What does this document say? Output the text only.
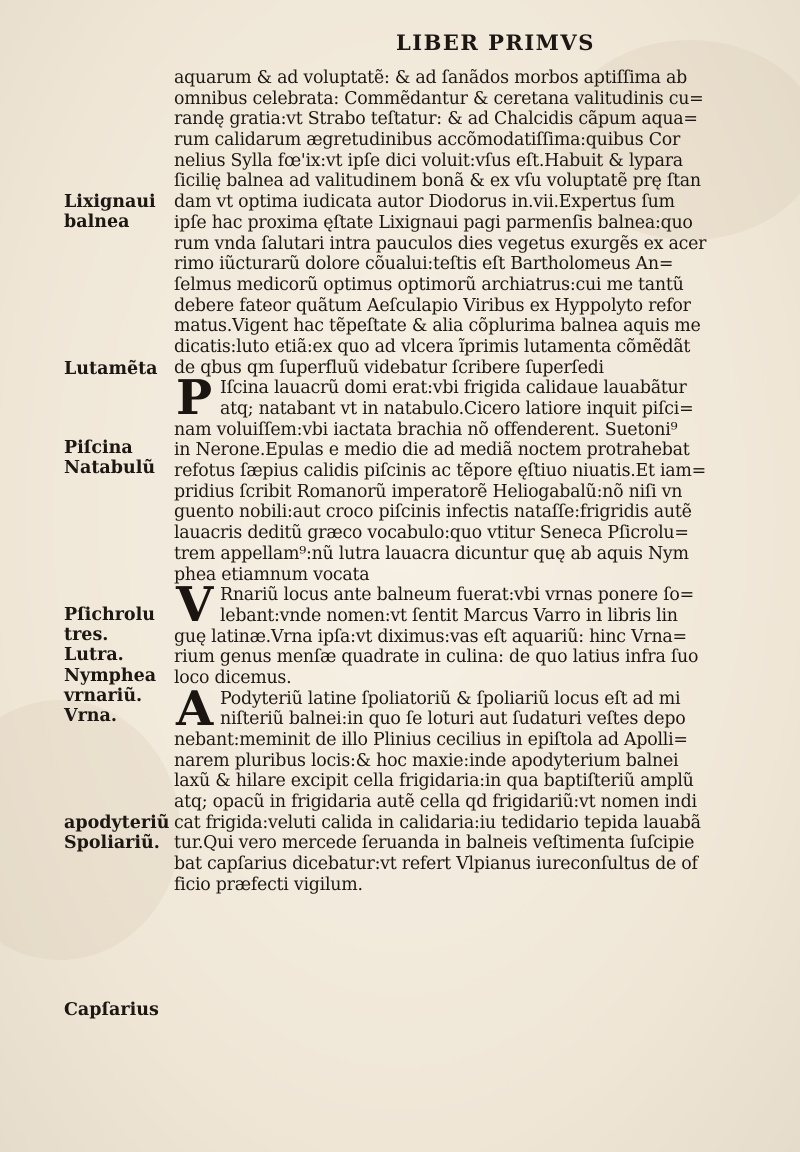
LIBER PRIMVS
aquarum & ad voluptatẽ: & ad ſanãdos morbos aptiſſima ab
omnibus celebrata: Commẽdantur & ceretana valitudinis cu=
randę gratia:vt Strabo teſtatur: & ad Chalcidis cãpum aqua=
rum calidarum ægretudinibus accõmodatiſſima:quibus Cor
nelius Sylla fœ'ix:vt ipſe dici voluit:vſus eſt.Habuit & lypara
ſicilię balnea ad valitudinem bonã & ex vſu voluptatẽ prę ſtan
dam vt optima iudicata autor Diodorus in.vii.Expertus ſum
ipſe hac proxima ęſtate Lixignaui pagi parmenſis balnea:quo
rum vnda ſalutari intra pauculos dies vegetus exurgẽs ex acer
rimo iũcturarũ dolore cõualui:teſtis eſt Bartholomeus An=
ſelmus medicorũ optimus optimorũ archiatrus:cui me tantũ
debere fateor quãtum Aeſculapio Viribus ex Hyppolyto refor
matus.Vigent hac tẽpeſtate & alia cõplurima balnea aquis me
dicatis:luto etiã:ex quo ad vlcera ĩprimis lutamenta cõmẽdãt
de qbus qm ſuperfluũ videbatur ſcribere ſuperſedi
P Iſcina lauacrũ domi erat:vbi frigida calidaue lauabãtur
atq; natabant vt in natabulo.Cicero latiore inquit piſci=
nam voluiſſem:vbi iactata brachia nõ offenderent. Suetoni⁹
in Nerone.Epulas e medio die ad mediã noctem protrahebat
refotus ſæpius calidis piſcinis ac tẽpore ęſtiuo niuatis.Et iam=
pridius ſcribit Romanorũ imperatorẽ Heliogabalũ:nõ niſi vn
guento nobili:aut croco piſcinis infectis nataſſe:frigridis autẽ
lauacris deditũ græco vocabulo:quo vtitur Seneca Pſicrolu=
trem appellam⁹:nũ lutra lauacra dicuntur quę ab aquis Nym
phea etiamnum vocata
V Rnariũ locus ante balneum fuerat:vbi vrnas ponere ſo=
lebant:vnde nomen:vt ſentit Marcus Varro in libris lin
guę latinæ.Vrna ipſa:vt diximus:vas eſt aquariũ: hinc Vrna=
rium genus menſæ quadrate in culina: de quo latius infra ſuo
loco dicemus.
A Podyteriũ latine ſpoliatoriũ & ſpoliariũ locus eſt ad mi
niſteriũ balnei:in quo ſe loturi aut ſudaturi veſtes depo
nebant:meminit de illo Plinius cecilius in epiſtola ad Apolli=
narem pluribus locis:& hoc maxie:inde apodyterium balnei
laxũ & hilare excipit cella frigidaria:in qua baptiſteriũ amplũ
atq; opacũ in frigidaria autẽ cella qd frigidariũ:vt nomen indi
cat frigida:veluti calida in calidaria:iu tedidario tepida lauabã
tur.Qui vero mercede ſeruanda in balneis veſtimenta ſuſcipie
bat capſarius dicebatur:vt refert Vlpianus iureconſultus de of
ficio præfecti vigilum.
Lixignaui
balnea
Lutamẽta
Piſcina
Natabulũ
Pſichrolu
tres.
Lutra.
Nymphea
vrnariũ.
Vrna.
apodyteriũ
Spoliariũ.
Capſarius
